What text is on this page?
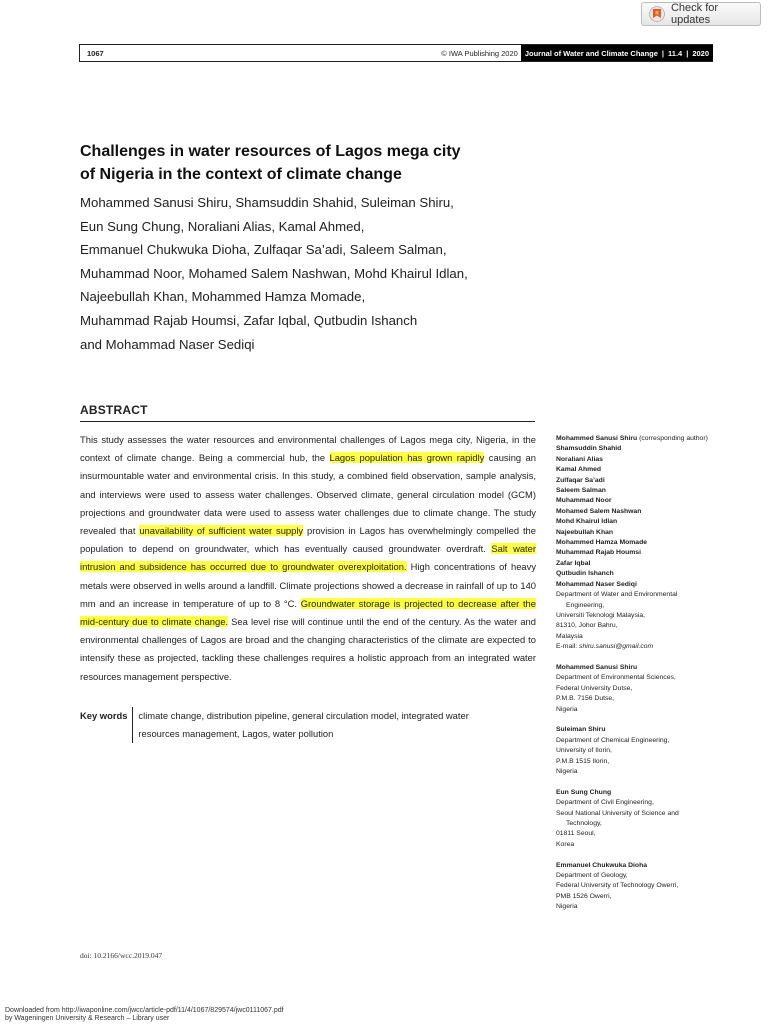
Check for updates
1067	© IWA Publishing 2020 Journal of Water and Climate Change | 11.4 | 2020
Challenges in water resources of Lagos mega city
of Nigeria in the context of climate change
Mohammed Sanusi Shiru, Shamsuddin Shahid, Suleiman Shiru,
Eun Sung Chung, Noraliani Alias, Kamal Ahmed,
Emmanuel Chukwuka Dioha, Zulfaqar Sa’adi, Saleem Salman,
Muhammad Noor, Mohamed Salem Nashwan, Mohd Khairul Idlan,
Najeebullah Khan, Mohammed Hamza Momade,
Muhammad Rajab Houmsi, Zafar Iqbal, Qutbudin Ishanch
and Mohammad Naser Sediqi
ABSTRACT
This study assesses the water resources and environmental challenges of Lagos mega city, Nigeria, in the context of climate change. Being a commercial hub, the Lagos population has grown rapidly causing an insurmountable water and environmental crisis. In this study, a combined field observation, sample analysis, and interviews were used to assess water challenges. Observed climate, general circulation model (GCM) projections and groundwater data were used to assess water challenges due to climate change. The study revealed that unavailability of sufficient water supply provision in Lagos has overwhelmingly compelled the population to depend on groundwater, which has eventually caused groundwater overdraft. Salt water intrusion and subsidence has occurred due to groundwater overexploitation. High concentrations of heavy metals were observed in wells around a landfill. Climate projections showed a decrease in rainfall of up to 140 mm and an increase in temperature of up to 8 °C. Groundwater storage is projected to decrease after the mid-century due to climate change. Sea level rise will continue until the end of the century. As the water and environmental challenges of Lagos are broad and the changing characteristics of the climate are expected to intensify these as projected, tackling these challenges requires a holistic approach from an integrated water resources management perspective.
Key words climate change, distribution pipeline, general circulation model, integrated water
resources management, Lagos, water pollution
Mohammed Sanusi Shiru (corresponding author)
Shamsuddin Shahid
Noraliani Alias
Kamal Ahmed
Zulfaqar Sa’adi
Saleem Salman
Muhammad Noor
Mohamed Salem Nashwan
Mohd Khairul Idlan
Najeebullah Khan
Mohammed Hamza Momade
Muhammad Rajab Houmsi
Zafar Iqbal
Qutbudin Ishanch
Mohammad Naser Sediqi
Department of Water and Environmental
Engineering,
Universiti Teknologi Malaysia,
81310, Johor Bahru,
Malaysia
E-mail: shiru.sanusi@gmail.com
Mohammed Sanusi Shiru
Department of Environmental Sciences,
Federal University Dutse,
P.M.B. 7156 Dutse,
Nigeria
Suleiman Shiru
Department of Chemical Engineering,
University of Ilorin,
P.M.B 1515 Ilorin,
Nigeria
Eun Sung Chung
Department of Civil Engineering,
Seoul National University of Science and
Technology,
01811 Seoul,
Korea
Emmanuel Chukwuka Dioha
Department of Geology,
Federal University of Technology Owerri,
PMB 1526 Owerri,
Nigeria
doi: 10.2166/wcc.2019.047
Downloaded from http://iwaponline.com/jwcc/article-pdf/11/4/1067/829574/jwc0111067.pdf
by Wageningen University & Research – Library user
